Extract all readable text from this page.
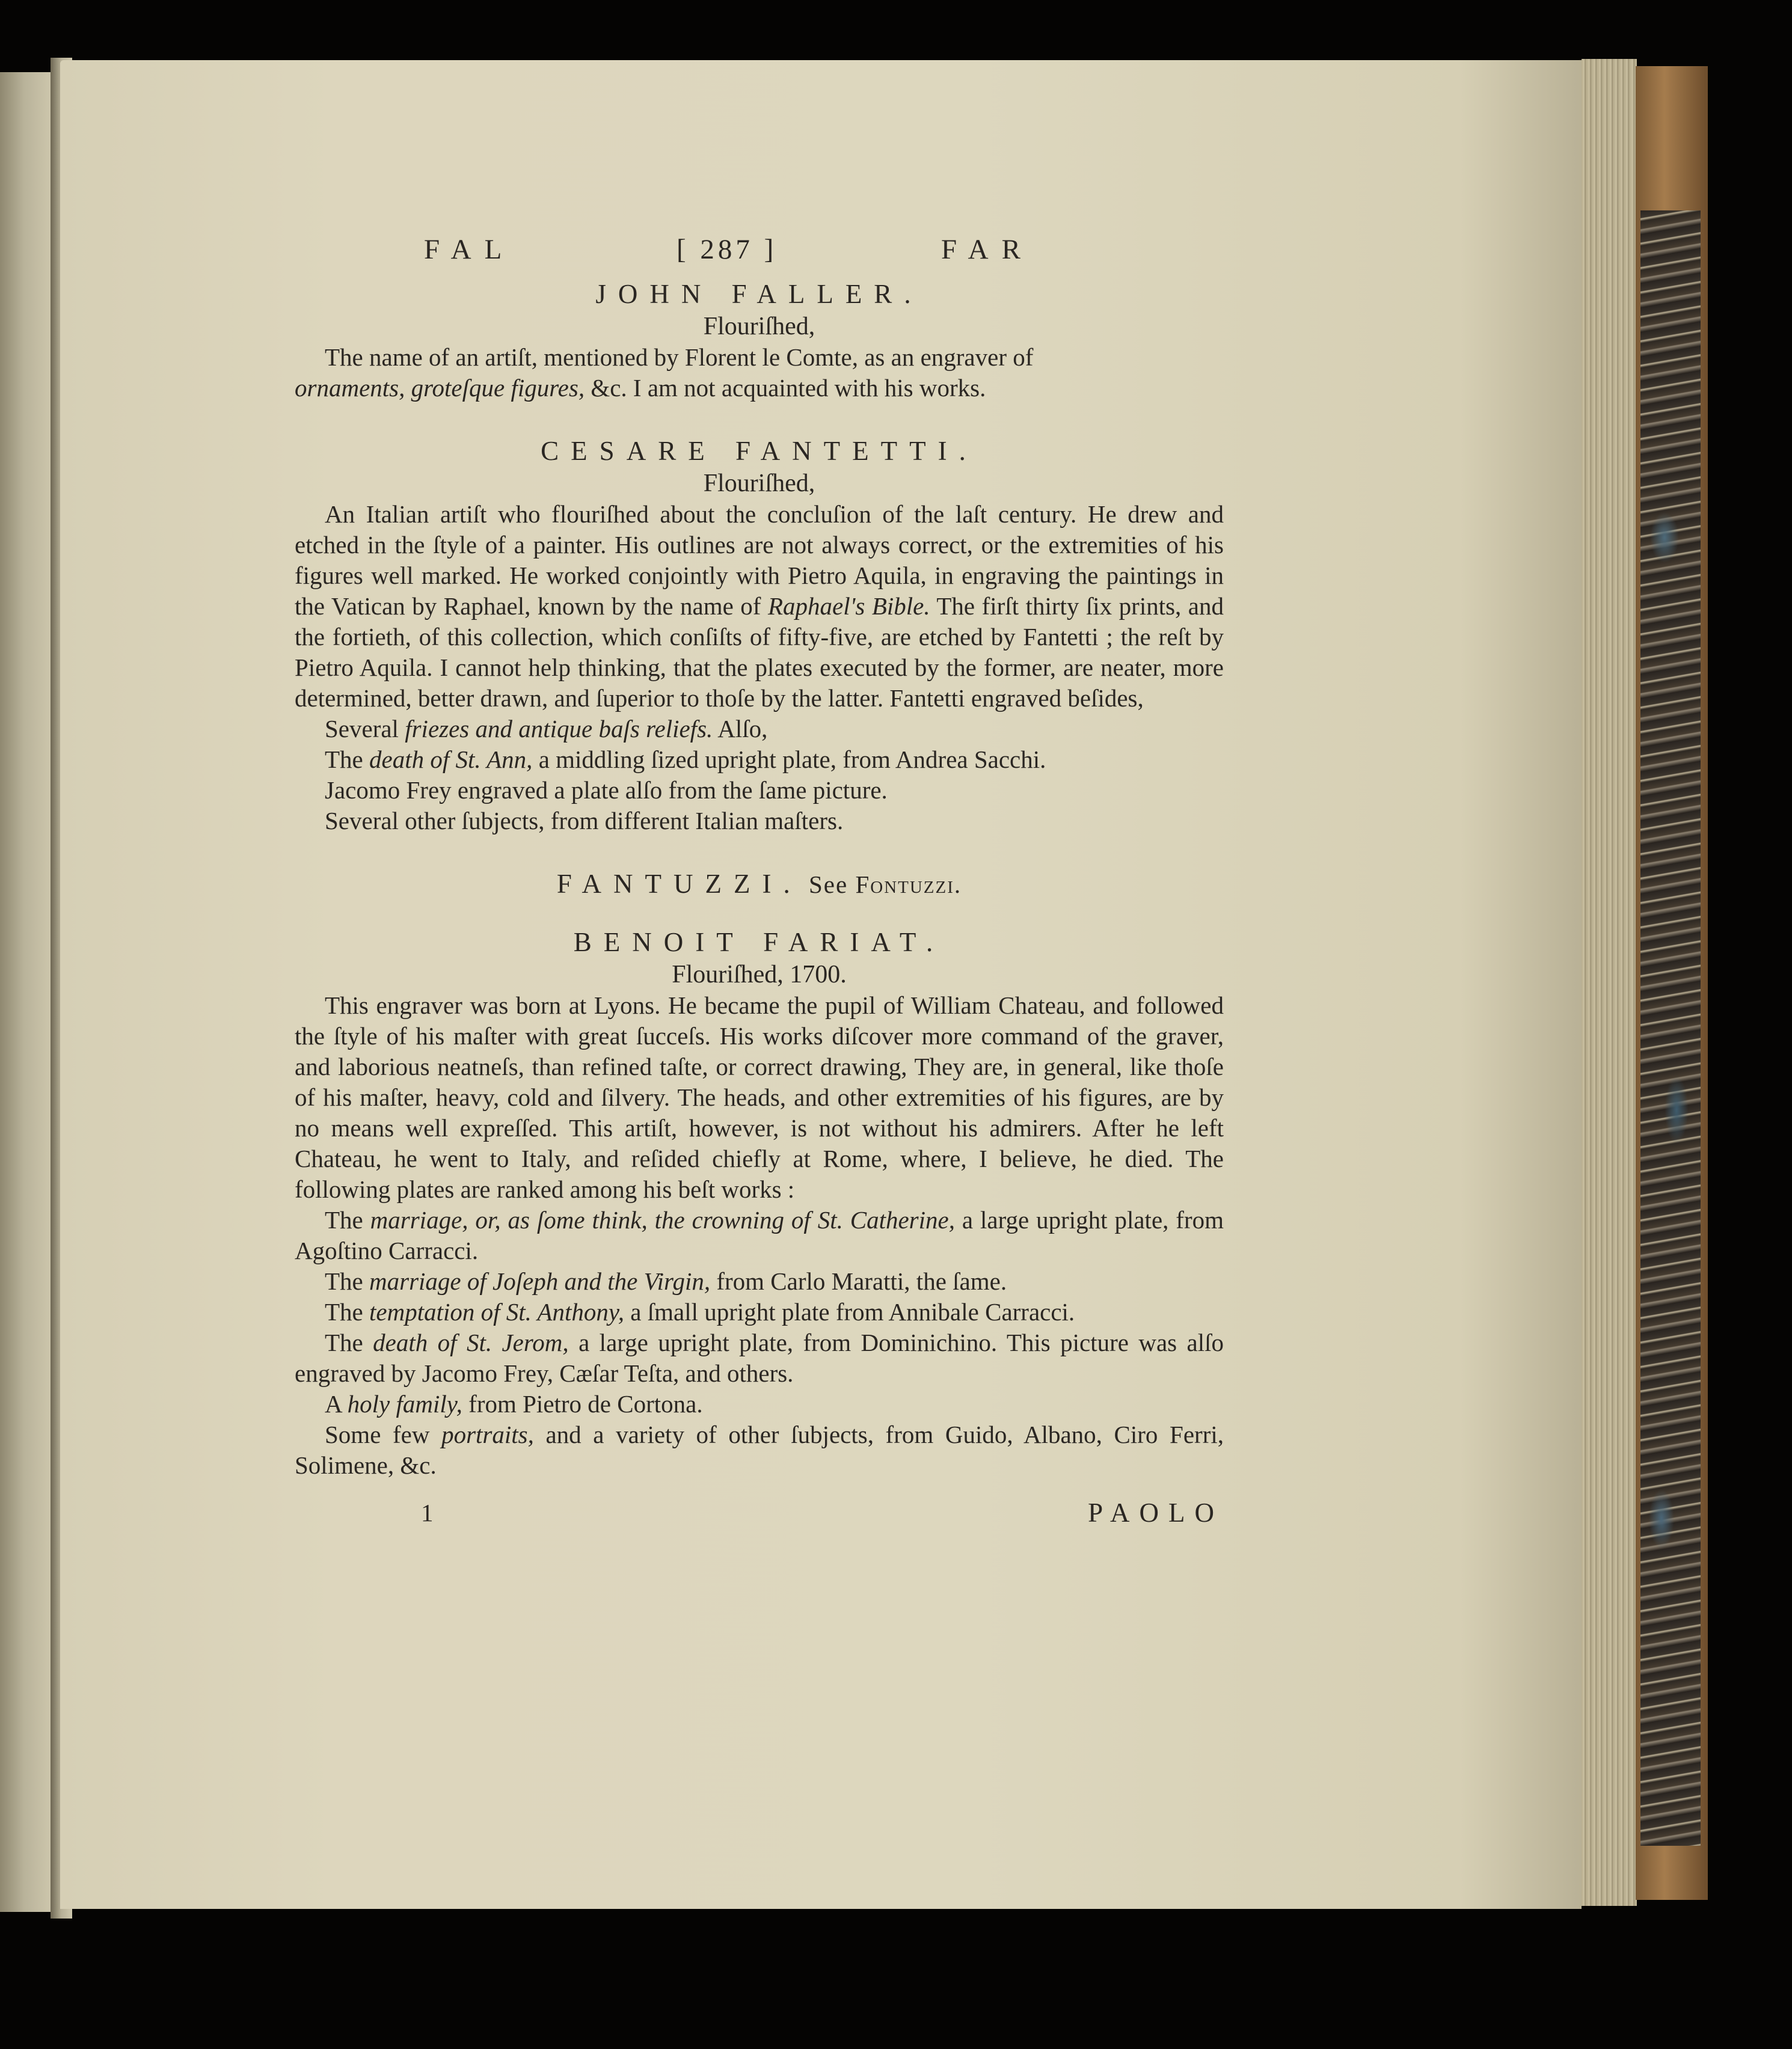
FAL	[ 287 ]	FAR

JOHN FALLER.

Flouriſhed,

The name of an artiſt, mentioned by Florent le Comte, as an engraver of
ornaments, groteſque figures, &c. I am not acquainted with his works.

CESARE FANTETTI.

Flouriſhed,

An Italian artiſt who flouriſhed about the concluſion of the laſt century. He drew and etched in the ſtyle of a painter. His outlines are not always correct, or the extremities of his figures well marked. He worked conjointly with Pietro Aquila, in engraving the paintings in the Vatican by Raphael, known by the name of Raphael's Bible. The firſt thirty ſix prints, and the fortieth, of this collection, which conſiſts of fifty-five, are etched by Fantetti ; the reſt by Pietro Aquila. I cannot help thinking, that the plates executed by the former, are neater, more determined, better drawn, and ſuperior to thoſe by the latter. Fantetti engraved beſides,

Several friezes and antique baſs reliefs. Alſo,

The death of St. Ann, a middling ſized upright plate, from Andrea Sacchi.

Jacomo Frey engraved a plate alſo from the ſame picture.

Several other ſubjects, from different Italian maſters.

FANTUZZI. See Fontuzzi.

BENOIT FARIAT.

Flouriſhed, 1700.

This engraver was born at Lyons. He became the pupil of William Chateau, and followed the ſtyle of his maſter with great ſucceſs. His works diſcover more command of the graver, and laborious neatneſs, than refined taſte, or correct drawing, They are, in general, like thoſe of his maſter, heavy, cold and ſilvery. The heads, and other extremities of his figures, are by no means well expreſſed. This artiſt, however, is not without his admirers. After he left Chateau, he went to Italy, and reſided chiefly at Rome, where, I believe, he died. The following plates are ranked among his beſt works :

The marriage, or, as ſome think, the crowning of St. Catherine, a large upright plate, from Agoſtino Carracci.

The marriage of Joſeph and the Virgin, from Carlo Maratti, the ſame.

The temptation of St. Anthony, a ſmall upright plate from Annibale Carracci.

The death of St. Jerom, a large upright plate, from Dominichino. This picture was alſo engraved by Jacomo Frey, Cæſar Teſta, and others.

A holy family, from Pietro de Cortona.

Some few portraits, and a variety of other ſubjects, from Guido, Albano, Ciro Ferri, Solimene, &c.

1	PAOLO
